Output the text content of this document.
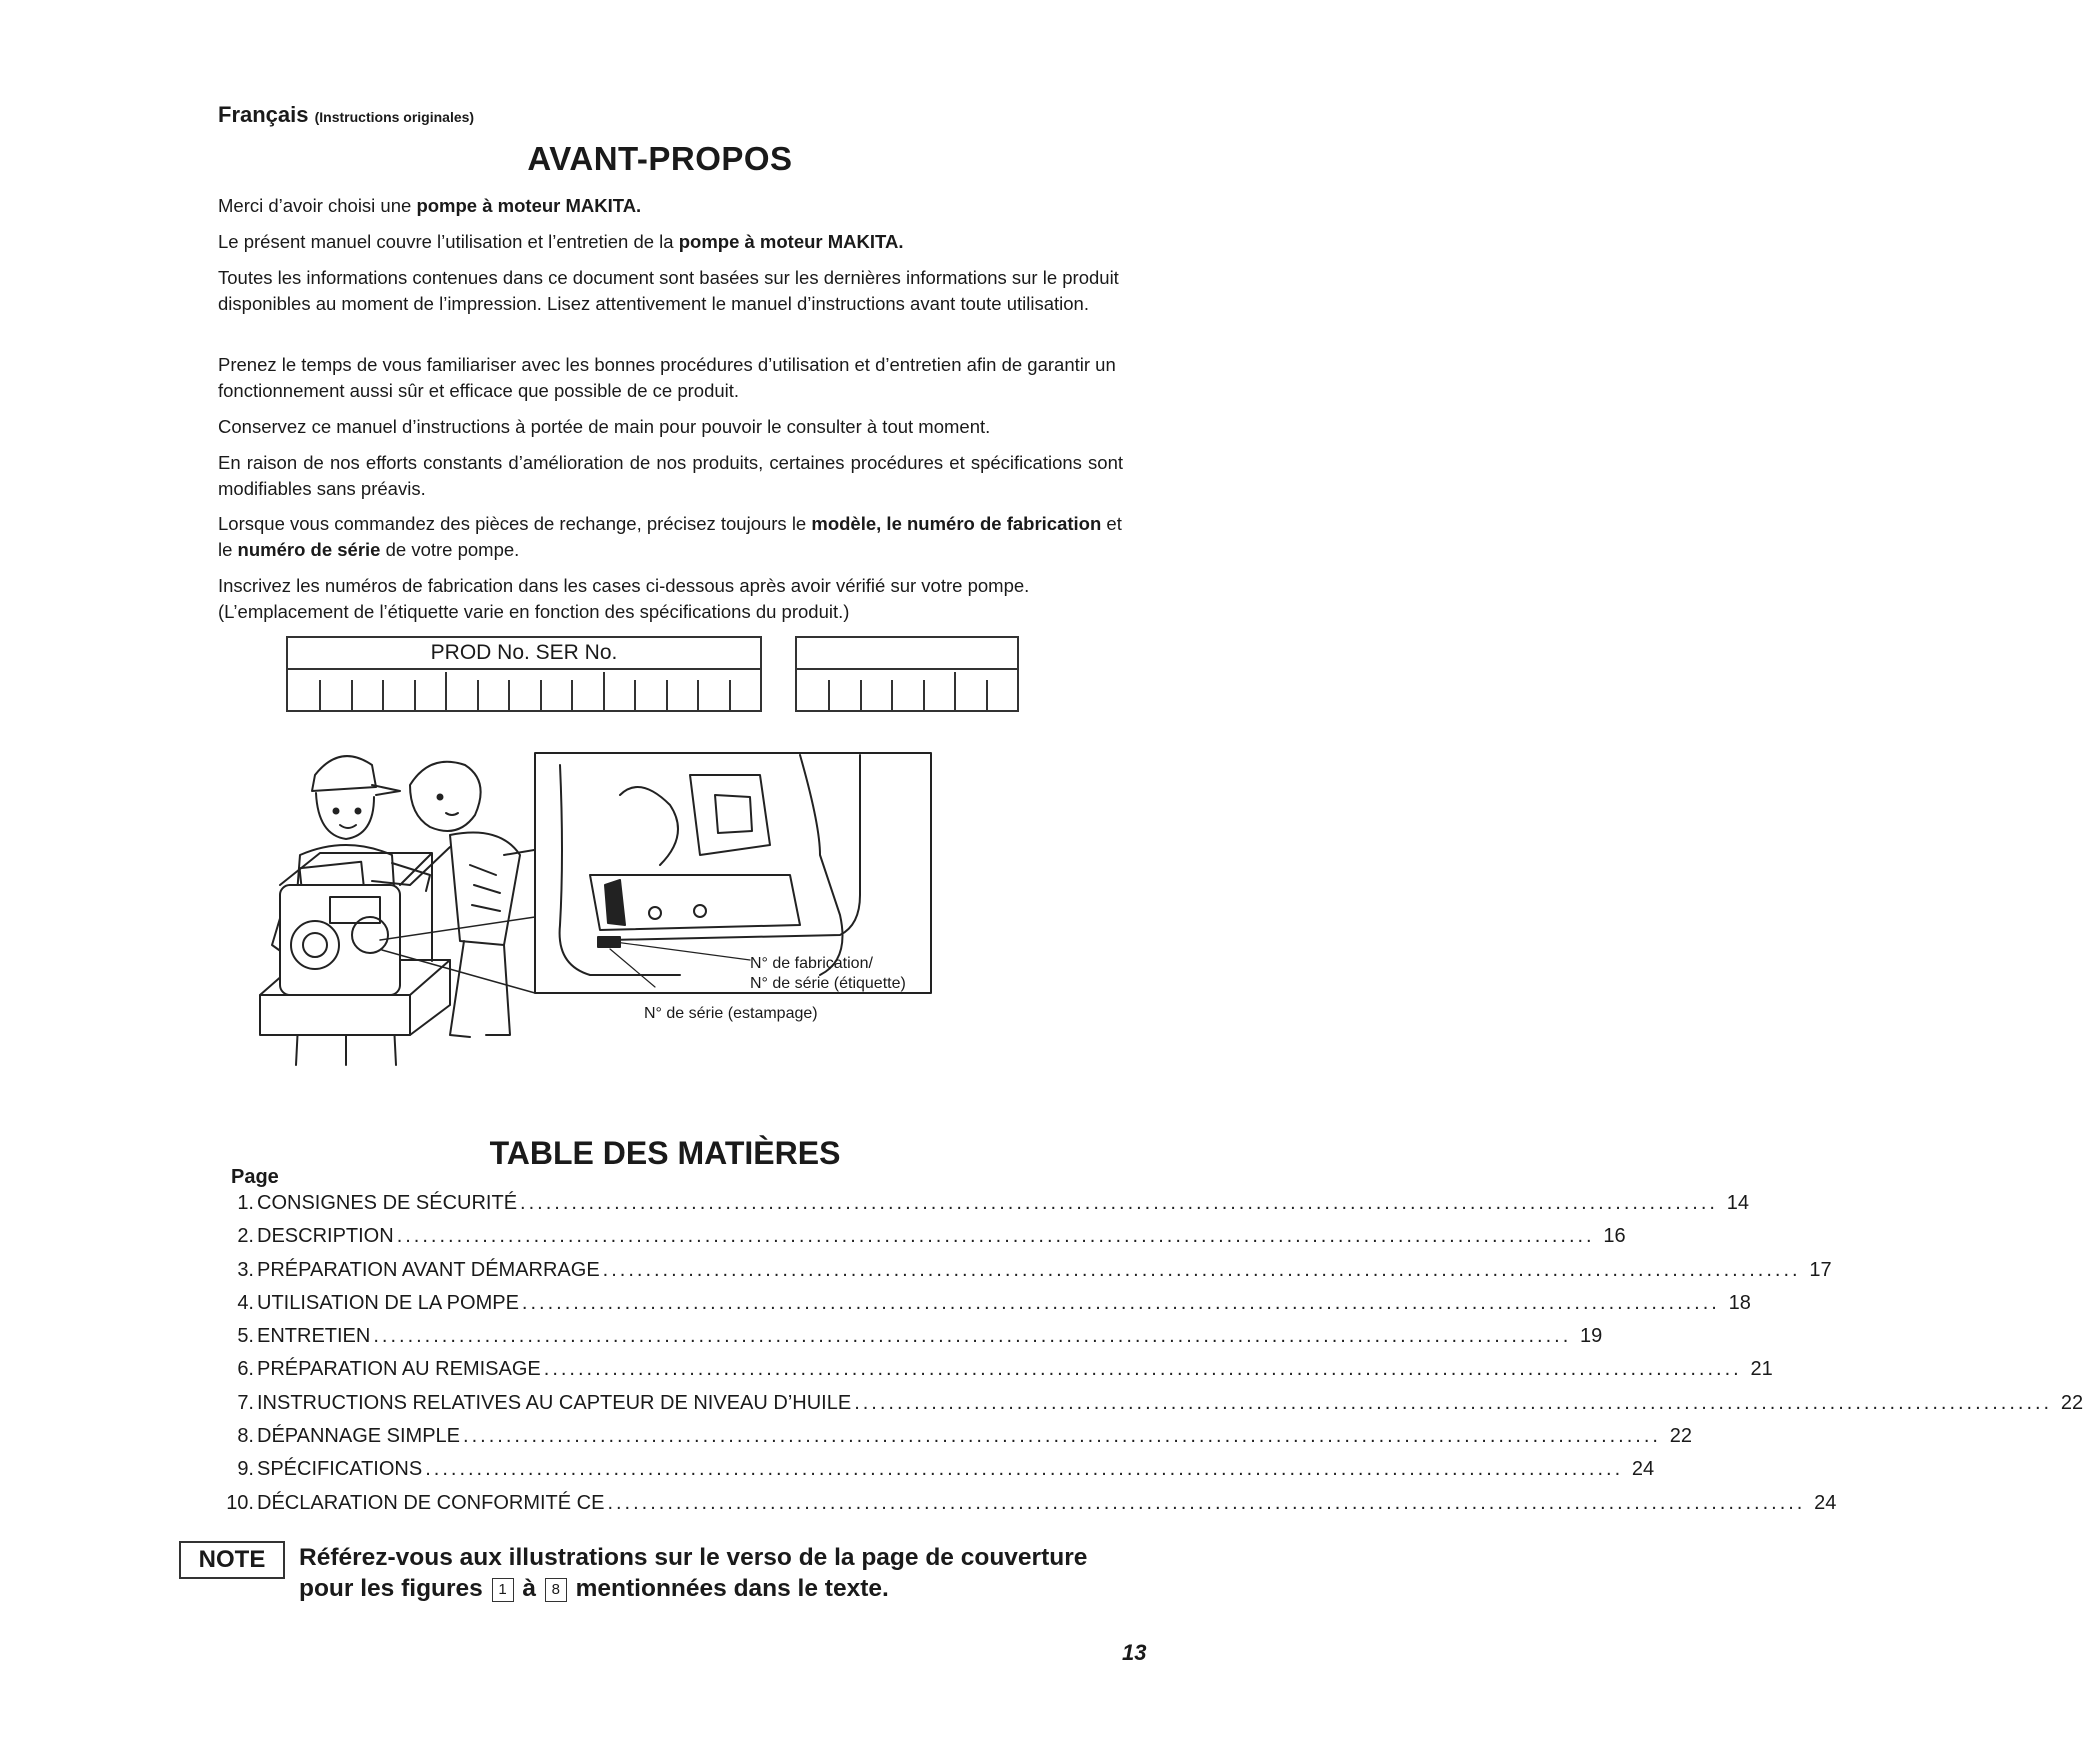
Français (Instructions originales)
AVANT-PROPOS
Merci d’avoir choisi une pompe à moteur MAKITA.
Le présent manuel couvre l’utilisation et l’entretien de la pompe à moteur MAKITA.
Toutes les informations contenues dans ce document sont basées sur les dernières informations sur le produit disponibles au moment de l’impression. Lisez attentivement le manuel d’instructions avant toute utilisation.
Prenez le temps de vous familiariser avec les bonnes procédures d’utilisation et d’entretien afin de garantir un fonctionnement aussi sûr et efficace que possible de ce produit.
Conservez ce manuel d’instructions à portée de main pour pouvoir le consulter à tout moment.
En raison de nos efforts constants d’amélioration de nos produits, certaines procédures et spécifications sont modifiables sans préavis.
Lorsque vous commandez des pièces de rechange, précisez toujours le modèle, le numéro de fabrication et le numéro de série de votre pompe.
Inscrivez les numéros de fabrication dans les cases ci-dessous après avoir vérifié sur votre pompe. (L’emplacement de l’étiquette varie en fonction des spécifications du produit.)
PROD No. SER No.
N° de fabrication/
N° de série (étiquette)
N° de série (estampage)
TABLE DES MATIÈRES
Page
1. CONSIGNES DE SÉCURITÉ ............................................................................................................................................ 14
2. DESCRIPTION ............................................................................................................................................ 16
3. PRÉPARATION AVANT DÉMARRAGE ............................................................................................................................................ 17
4. UTILISATION DE LA POMPE ............................................................................................................................................ 18
5. ENTRETIEN ............................................................................................................................................ 19
6. PRÉPARATION AU REMISAGE ............................................................................................................................................ 21
7. INSTRUCTIONS RELATIVES AU CAPTEUR DE NIVEAU D’HUILE ............................................................................................................................................ 22
8. DÉPANNAGE SIMPLE ............................................................................................................................................ 22
9. SPÉCIFICATIONS ............................................................................................................................................ 24
10. DÉCLARATION DE CONFORMITÉ CE ............................................................................................................................................ 24
NOTE	Référez-vous aux illustrations sur le verso de la page de couverture pour les figures 1 à 8 mentionnées dans le texte.
13
